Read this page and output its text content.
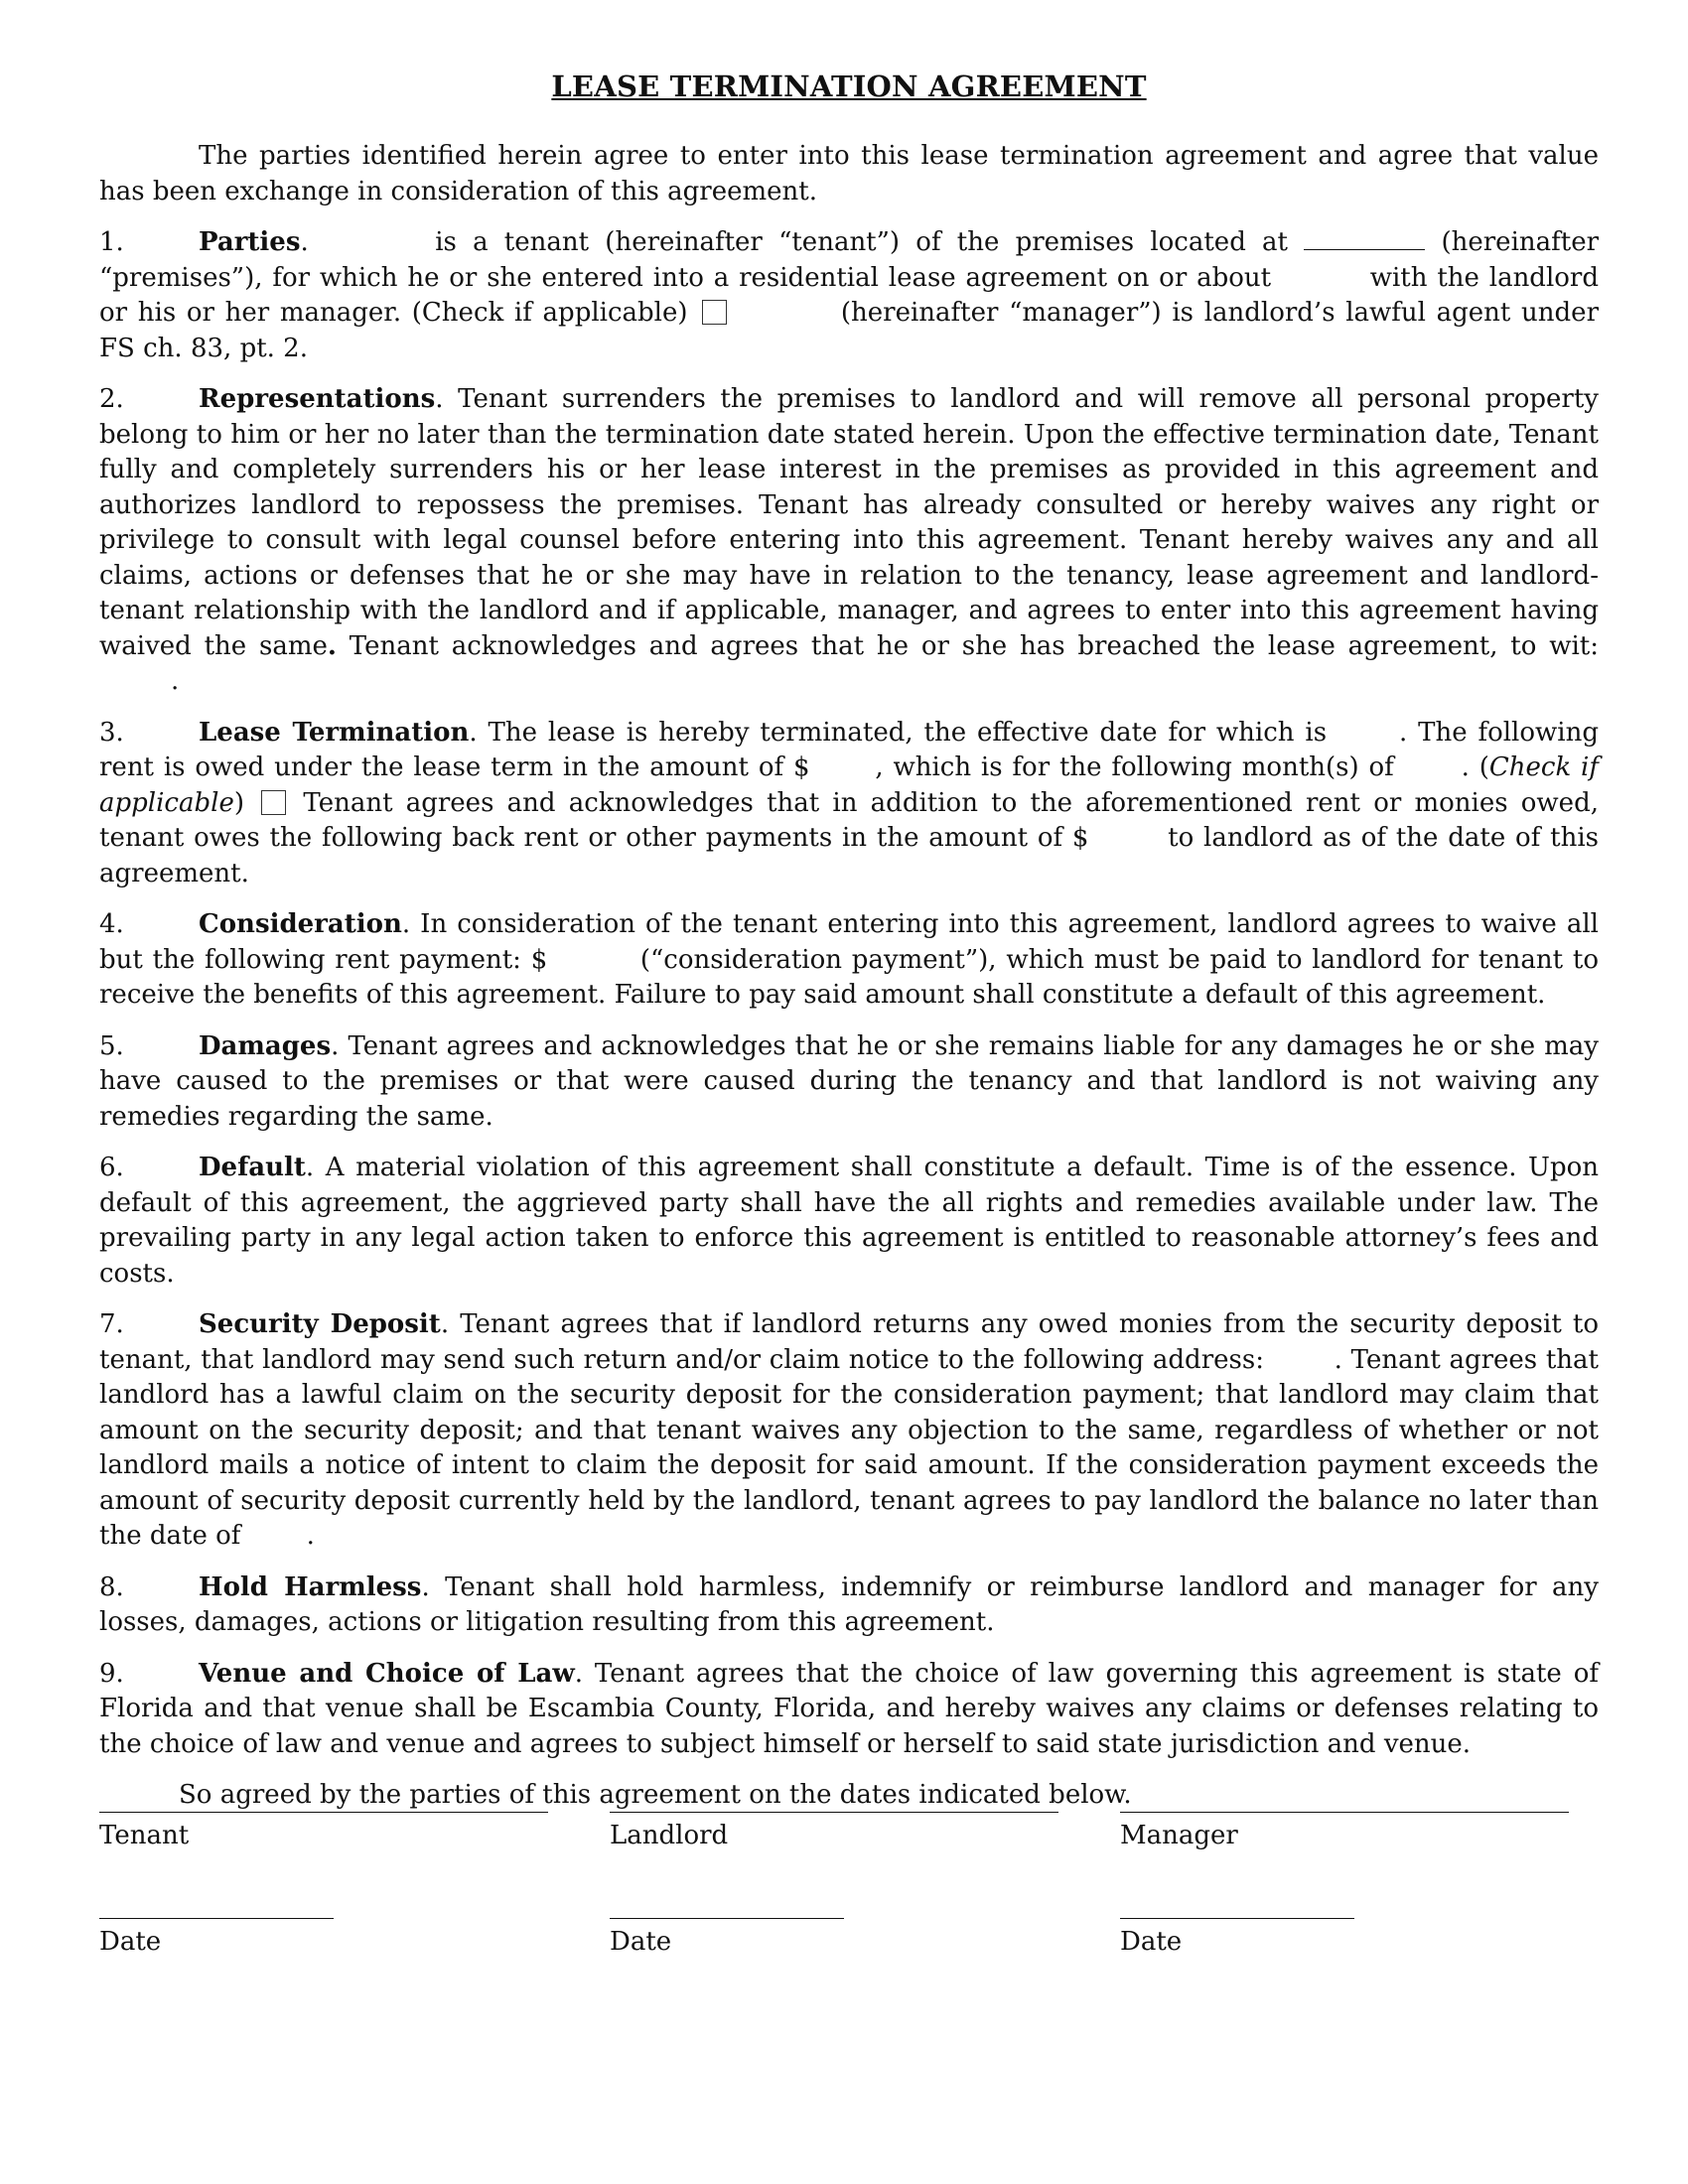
LEASE TERMINATION AGREEMENT

The parties identified herein agree to enter into this lease termination agreement and agree that value has been exchange in consideration of this agreement.

1.	Parties.	is a tenant (hereinafter “tenant”) of the premises located at	(hereinafter “premises”), for which he or she entered into a residential lease agreement on or about	with the landlord or his or her manager. (Check if applicable)	(hereinafter “manager”) is landlord’s lawful agent under FS ch. 83, pt. 2.

2.	Representations. Tenant surrenders the premises to landlord and will remove all personal property belong to him or her no later than the termination date stated herein. Upon the effective termination date, Tenant fully and completely surrenders his or her lease interest in the premises as provided in this agreement and authorizes landlord to repossess the premises. Tenant has already consulted or hereby waives any right or privilege to consult with legal counsel before entering into this agreement. Tenant hereby waives any and all claims, actions or defenses that he or she may have in relation to the tenancy, lease agreement and landlord-tenant relationship with the landlord and if applicable, manager, and agrees to enter into this agreement having waived the same. Tenant acknowledges and agrees that he or she has breached the lease agreement, to wit: .

3.	Lease Termination. The lease is hereby terminated, the effective date for which is . The following rent is owed under the lease term in the amount of $ , which is for the following month(s) of . (Check if applicable)  Tenant agrees and acknowledges that in addition to the aforementioned rent or monies owed, tenant owes the following back rent or other payments in the amount of $  to landlord as of the date of this agreement.

4.	Consideration. In consideration of the tenant entering into this agreement, landlord agrees to waive all but the following rent payment: $	(“consideration payment”), which must be paid to landlord for tenant to receive the benefits of this agreement. Failure to pay said amount shall constitute a default of this agreement.

5.	Damages. Tenant agrees and acknowledges that he or she remains liable for any damages he or she may have caused to the premises or that were caused during the tenancy and that landlord is not waiving any remedies regarding the same.

6.	Default. A material violation of this agreement shall constitute a default. Time is of the essence. Upon default of this agreement, the aggrieved party shall have the all rights and remedies available under law. The prevailing party in any legal action taken to enforce this agreement is entitled to reasonable attorney’s fees and costs.

7.	Security Deposit. Tenant agrees that if landlord returns any owed monies from the security deposit to tenant, that landlord may send such return and/or claim notice to the following address: . Tenant agrees that landlord has a lawful claim on the security deposit for the consideration payment; that landlord may claim that amount on the security deposit; and that tenant waives any objection to the same, regardless of whether or not landlord mails a notice of intent to claim the deposit for said amount. If the consideration payment exceeds the amount of security deposit currently held by the landlord, tenant agrees to pay landlord the balance no later than the date of .

8.	Hold Harmless. Tenant shall hold harmless, indemnify or reimburse landlord and manager for any losses, damages, actions or litigation resulting from this agreement.

9.	Venue and Choice of Law. Tenant agrees that the choice of law governing this agreement is state of Florida and that venue shall be Escambia County, Florida, and hereby waives any claims or defenses relating to the choice of law and venue and agrees to subject himself or herself to said state jurisdiction and venue.

So agreed by the parties of this agreement on the dates indicated below.

Tenant	Landlord	Manager
Date	Date	Date
